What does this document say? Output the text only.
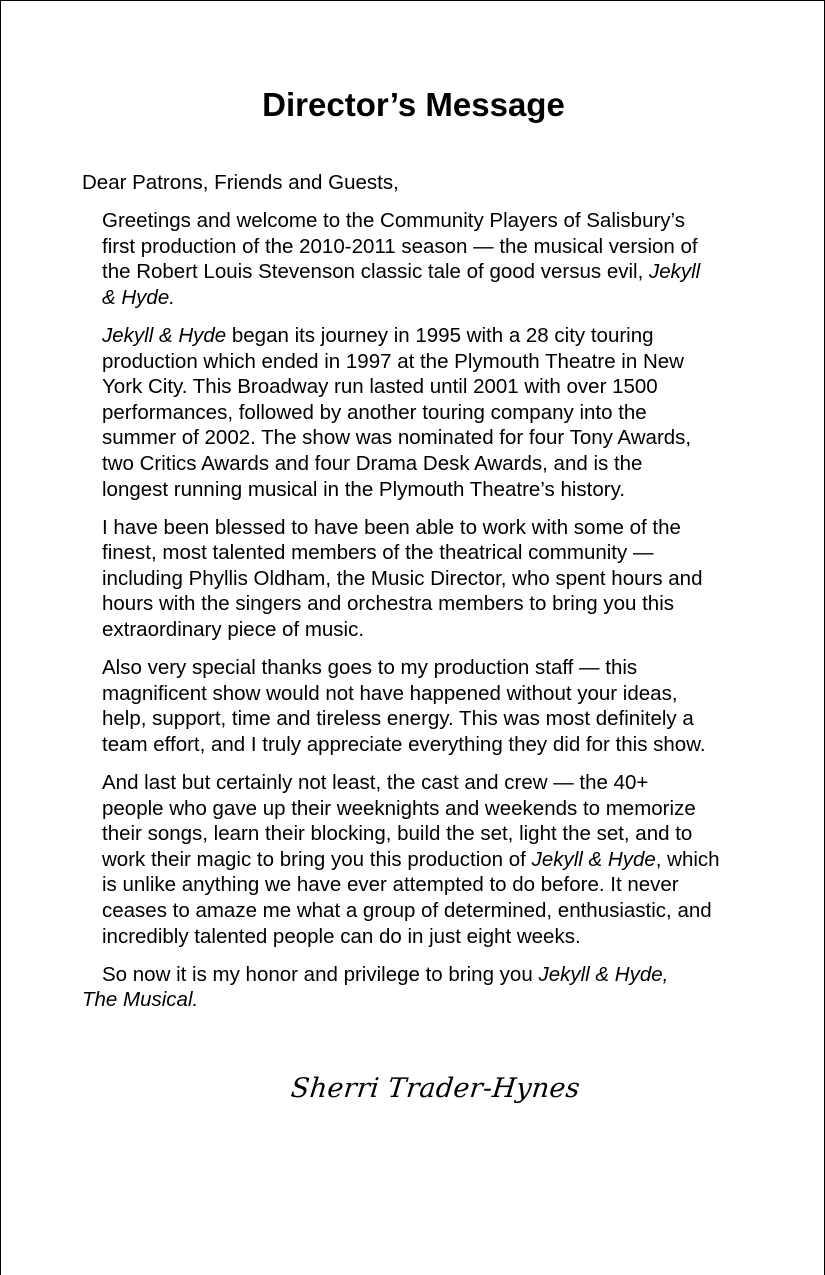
Director’s Message

Dear Patrons, Friends and Guests,

Greetings and welcome to the Community Players of Salisbury’s
first production of the 2010-2011 season — the musical version of
the Robert Louis Stevenson classic tale of good versus evil, Jekyll
& Hyde.

Jekyll & Hyde began its journey in 1995 with a 28 city touring
production which ended in 1997 at the Plymouth Theatre in New
York City. This Broadway run lasted until 2001 with over 1500
performances, followed by another touring company into the
summer of 2002. The show was nominated for four Tony Awards,
two Critics Awards and four Drama Desk Awards, and is the
longest running musical in the Plymouth Theatre’s history.

I have been blessed to have been able to work with some of the
finest, most talented members of the theatrical community —
including Phyllis Oldham, the Music Director, who spent hours and
hours with the singers and orchestra members to bring you this
extraordinary piece of music.

Also very special thanks goes to my production staff — this
magnificent show would not have happened without your ideas,
help, support, time and tireless energy. This was most definitely a
team effort, and I truly appreciate everything they did for this show.

And last but certainly not least, the cast and crew — the 40+
people who gave up their weeknights and weekends to memorize
their songs, learn their blocking, build the set, light the set, and to
work their magic to bring you this production of Jekyll & Hyde, which
is unlike anything we have ever attempted to do before. It never
ceases to amaze me what a group of determined, enthusiastic, and
incredibly talented people can do in just eight weeks.

So now it is my honor and privilege to bring you Jekyll & Hyde,
The Musical.

Sherri Trader-Hynes
